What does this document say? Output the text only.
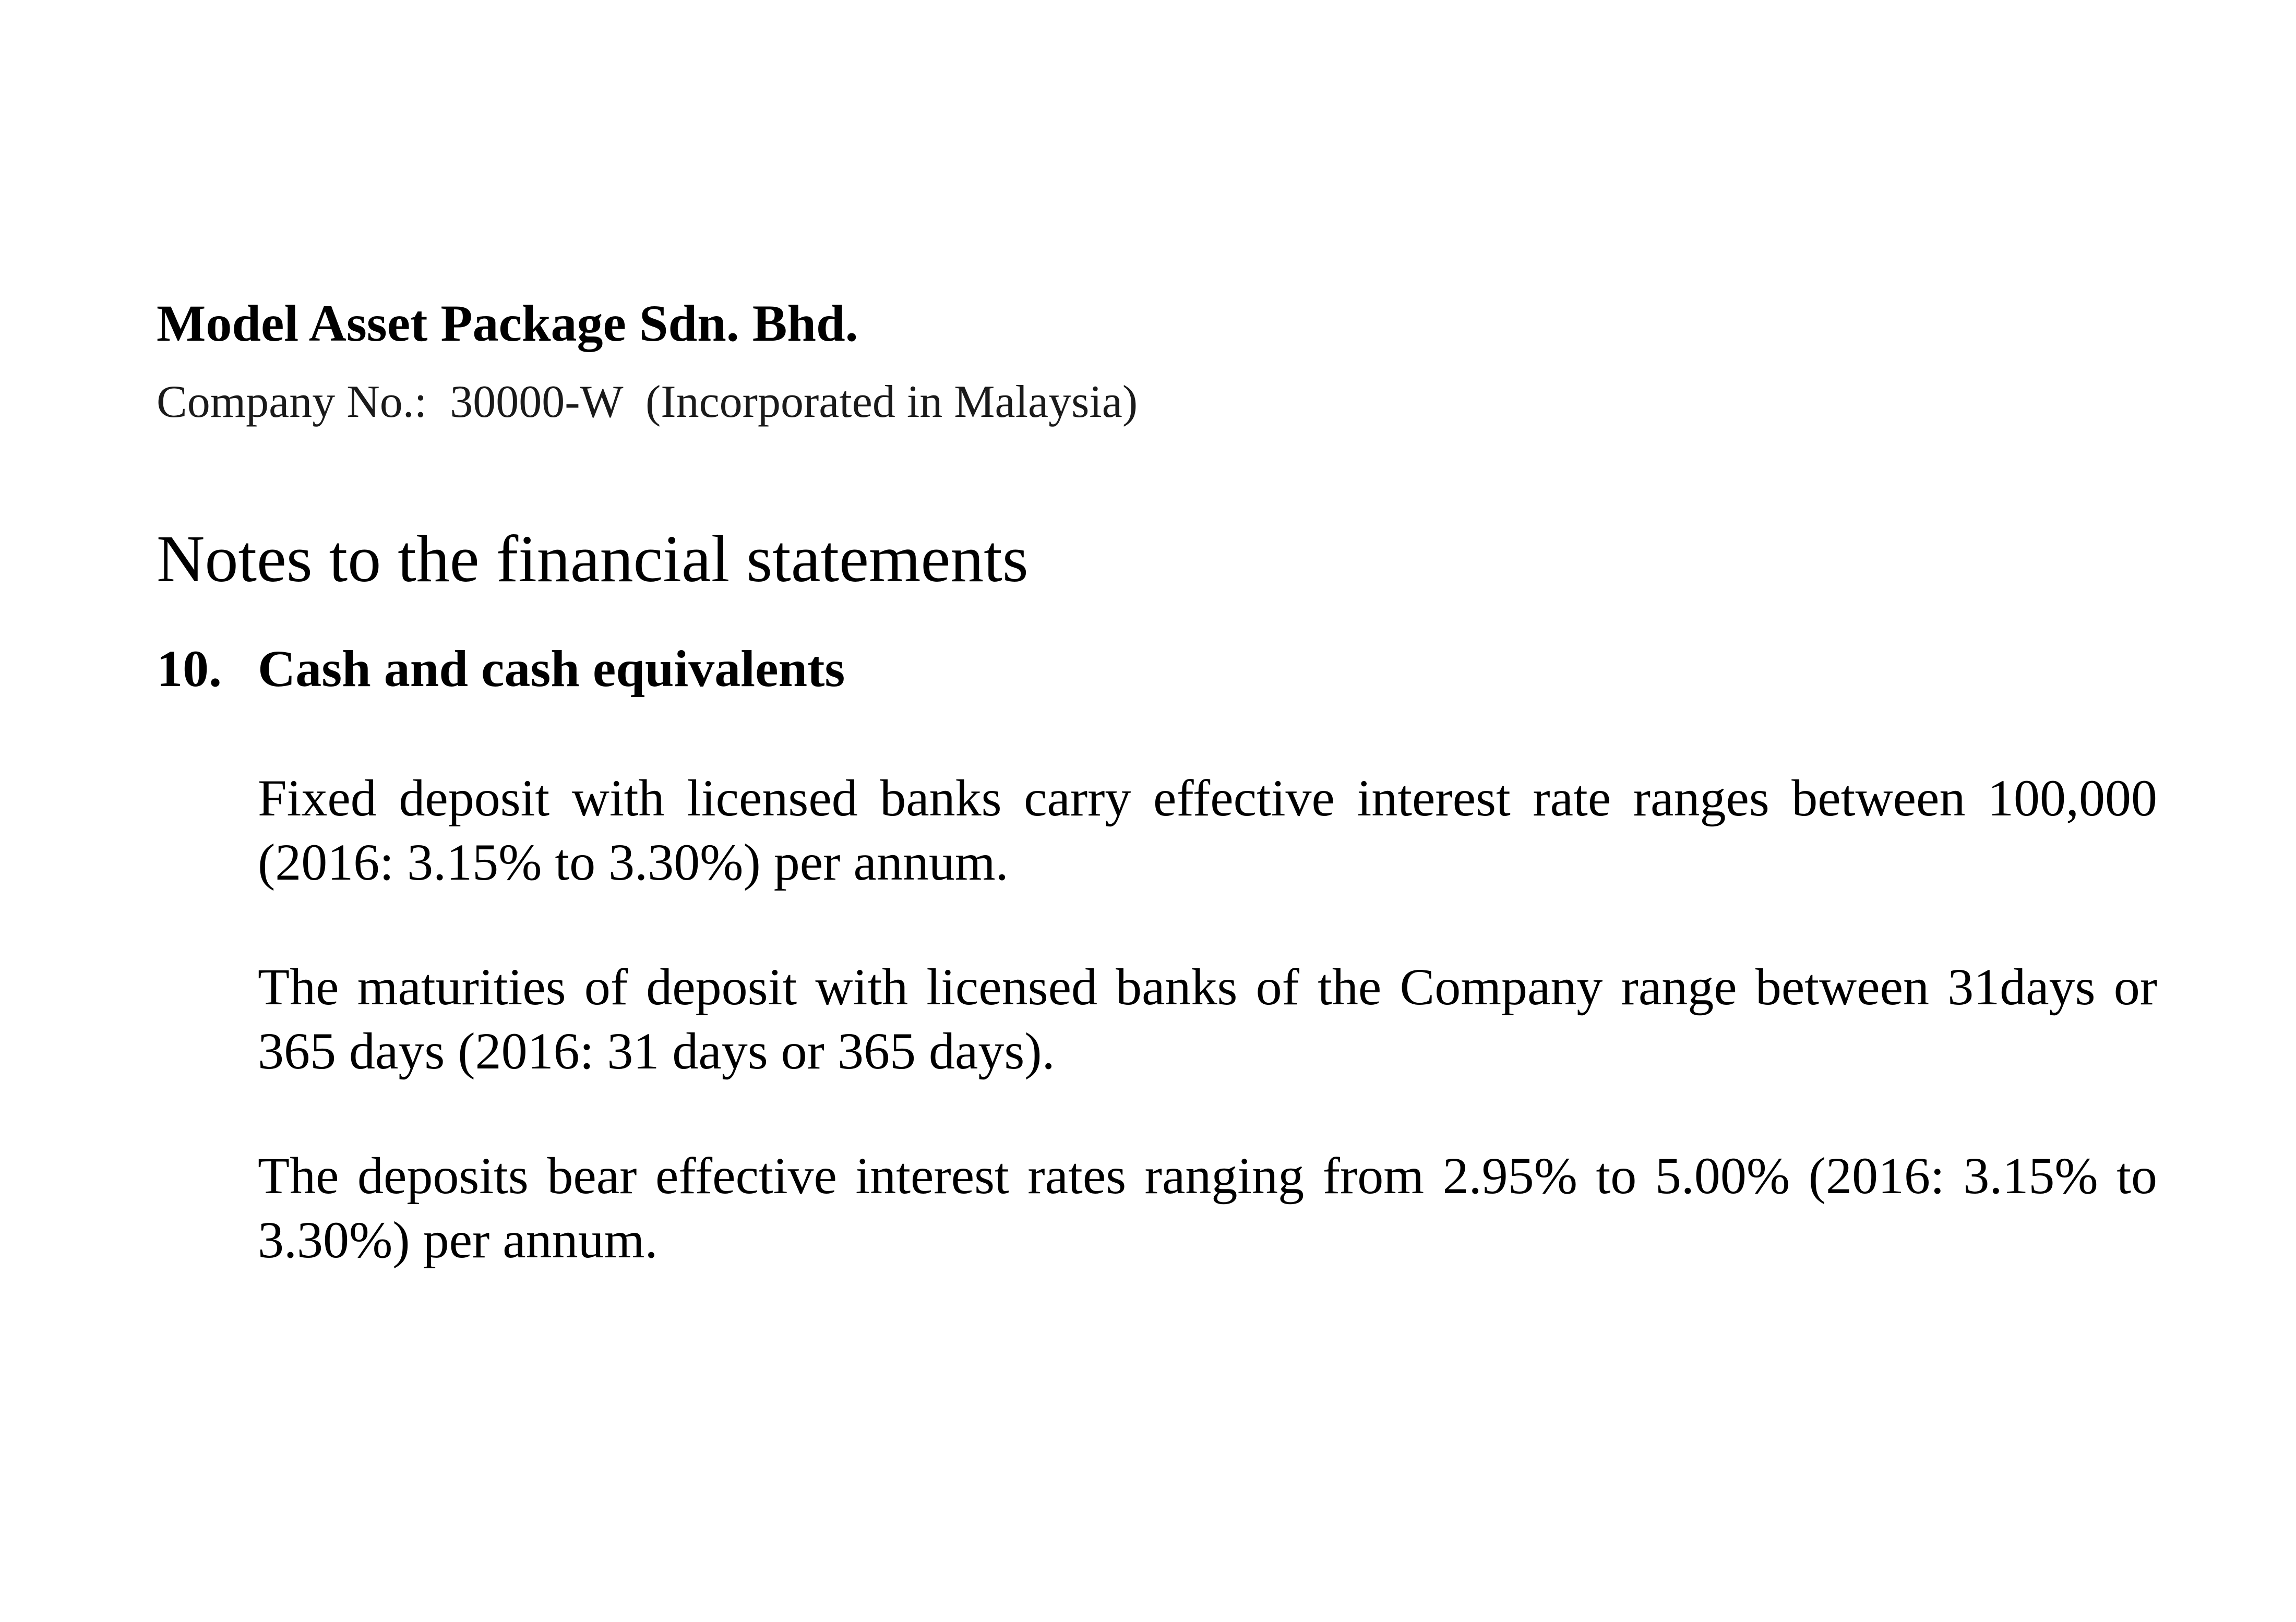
Model Asset Package Sdn. Bhd.
Company No.:  30000-W  (Incorporated in Malaysia)
Notes to the financial statements
10. Cash and cash equivalents

Fixed deposit with licensed banks carry effective interest rate ranges between 100,000 (2016: 3.15% to 3.30%) per annum.

The maturities of deposit with licensed banks of the Company range between 31days or 365 days (2016: 31 days or 365 days).

The deposits bear effective interest rates ranging from 2.95% to 5.00% (2016: 3.15% to 3.30%) per annum.
